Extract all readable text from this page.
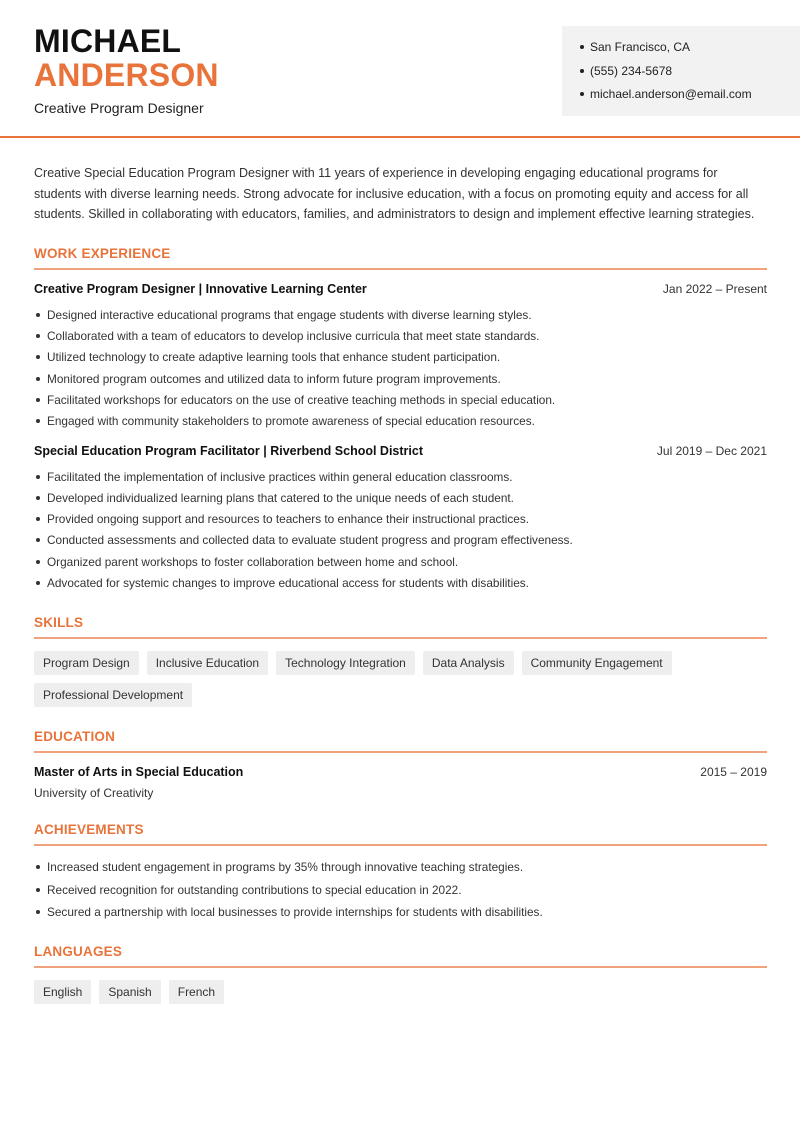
MICHAEL
ANDERSON
Creative Program Designer
San Francisco, CA
(555) 234-5678
michael.anderson@email.com

Creative Special Education Program Designer with 11 years of experience in developing engaging educational programs for students with diverse learning needs. Strong advocate for inclusive education, with a focus on promoting equity and access for all students. Skilled in collaborating with educators, families, and administrators to design and implement effective learning strategies.

WORK EXPERIENCE
Creative Program Designer | Innovative Learning Center	Jan 2022 – Present
Designed interactive educational programs that engage students with diverse learning styles.
Collaborated with a team of educators to develop inclusive curricula that meet state standards.
Utilized technology to create adaptive learning tools that enhance student participation.
Monitored program outcomes and utilized data to inform future program improvements.
Facilitated workshops for educators on the use of creative teaching methods in special education.
Engaged with community stakeholders to promote awareness of special education resources.
Special Education Program Facilitator | Riverbend School District	Jul 2019 – Dec 2021
Facilitated the implementation of inclusive practices within general education classrooms.
Developed individualized learning plans that catered to the unique needs of each student.
Provided ongoing support and resources to teachers to enhance their instructional practices.
Conducted assessments and collected data to evaluate student progress and program effectiveness.
Organized parent workshops to foster collaboration between home and school.
Advocated for systemic changes to improve educational access for students with disabilities.
SKILLS
Program Design	Inclusive Education	Technology Integration	Data Analysis	Community Engagement
Professional Development
EDUCATION
Master of Arts in Special Education	2015 – 2019
University of Creativity
ACHIEVEMENTS
Increased student engagement in programs by 35% through innovative teaching strategies.
Received recognition for outstanding contributions to special education in 2022.
Secured a partnership with local businesses to provide internships for students with disabilities.
LANGUAGES
English	Spanish	French
